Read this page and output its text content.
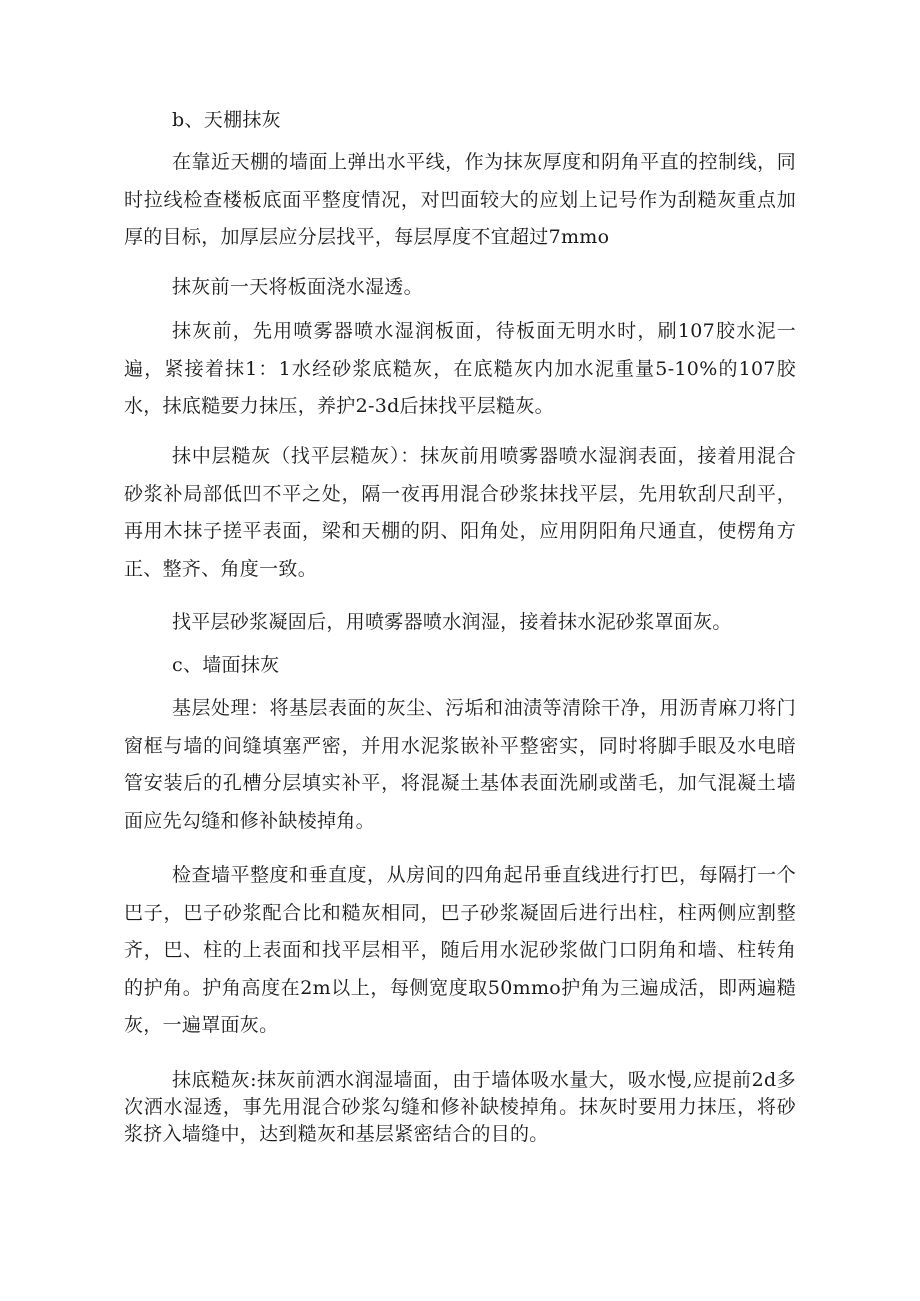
b、天棚抹灰

在靠近天棚的墙面上弹出水平线，作为抹灰厚度和阴角平直的控制线，同时拉线检查楼板底面平整度情况，对凹面较大的应划上记号作为刮糙灰重点加厚的目标，加厚层应分层找平，每层厚度不宜超过7mmo

抹灰前一天将板面浇水湿透。

抹灰前，先用喷雾器喷水湿润板面，待板面无明水时，刷107胶水泥一遍，紧接着抹1：1水经砂浆底糙灰，在底糙灰内加水泥重量5-10%的107胶水，抹底糙要力抹压，养护2-3d后抹找平层糙灰。

抹中层糙灰（找平层糙灰）：抹灰前用喷雾器喷水湿润表面，接着用混合砂浆补局部低凹不平之处，隔一夜再用混合砂浆抹找平层，先用软刮尺刮平，再用木抹子搓平表面，梁和天棚的阴、阳角处，应用阴阳角尺通直，使楞角方正、整齐、角度一致。

找平层砂浆凝固后，用喷雾器喷水润湿，接着抹水泥砂浆罩面灰。

c、墙面抹灰

基层处理：将基层表面的灰尘、污垢和油渍等清除干净，用沥青麻刀将门窗框与墙的间缝填塞严密，并用水泥浆嵌补平整密实，同时将脚手眼及水电暗管安装后的孔槽分层填实补平，将混凝土基体表面洗刷或凿毛，加气混凝土墙面应先勾缝和修补缺棱掉角。

检查墙平整度和垂直度，从房间的四角起吊垂直线进行打巴，每隔打一个巴子，巴子砂浆配合比和糙灰相同，巴子砂浆凝固后进行出柱，柱两侧应割整齐，巴、柱的上表面和找平层相平，随后用水泥砂浆做门口阴角和墙、柱转角的护角。护角高度在2m以上，每侧宽度取50mmo护角为三遍成活，即两遍糙灰，一遍罩面灰。

抹底糙灰:抹灰前洒水润湿墙面，由于墙体吸水量大，吸水慢,应提前2d多次洒水湿透，事先用混合砂浆勾缝和修补缺棱掉角。抹灰时要用力抹压，将砂浆挤入墙缝中，达到糙灰和基层紧密结合的目的。
